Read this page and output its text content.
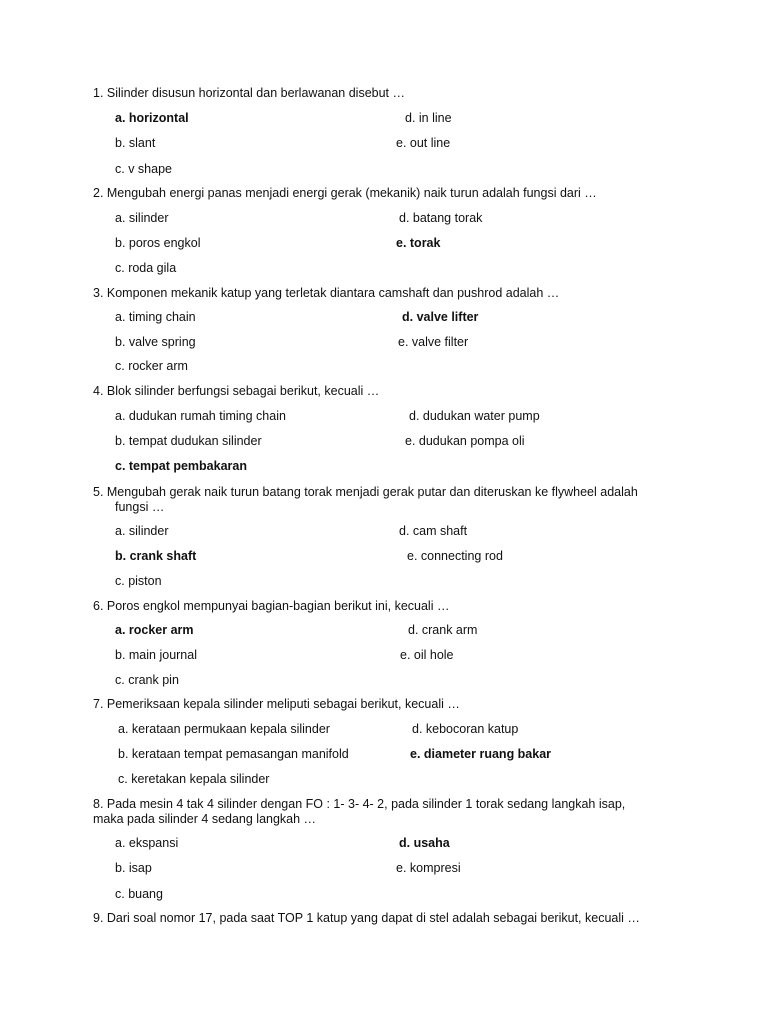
1. Silinder disusun horizontal dan berlawanan disebut …
a. horizontal	d. in line
b. slant	e. out line
c. v shape
2. Mengubah energi panas menjadi energi gerak (mekanik) naik turun adalah fungsi dari …
a. silinder	d. batang torak
b. poros engkol	e. torak
c. roda gila
3. Komponen mekanik katup yang terletak diantara camshaft dan pushrod adalah …
a. timing chain	d. valve lifter
b. valve spring	e. valve filter
c. rocker arm
4. Blok silinder berfungsi sebagai berikut, kecuali …
a. dudukan rumah timing chain	d. dudukan water pump
b. tempat dudukan silinder	e. dudukan pompa oli
c. tempat pembakaran
5. Mengubah gerak naik turun batang torak menjadi gerak putar dan diteruskan ke flywheel adalah
fungsi …
a. silinder	d. cam shaft
b. crank shaft	e. connecting rod
c. piston
6. Poros engkol mempunyai bagian-bagian berikut ini, kecuali …
a. rocker arm	d. crank arm
b. main journal	e. oil hole
c. crank pin
7. Pemeriksaan kepala silinder meliputi sebagai berikut, kecuali …
a. kerataan permukaan kepala silinder	d. kebocoran katup
b. kerataan tempat pemasangan manifold	e. diameter ruang bakar
c. keretakan kepala silinder
8. Pada mesin 4 tak 4 silinder dengan FO : 1- 3- 4- 2, pada silinder 1 torak sedang langkah isap,
maka pada silinder 4 sedang langkah …
a. ekspansi	d. usaha
b. isap	e. kompresi
c. buang
9. Dari soal nomor 17, pada saat TOP 1 katup yang dapat di stel adalah sebagai berikut, kecuali …
